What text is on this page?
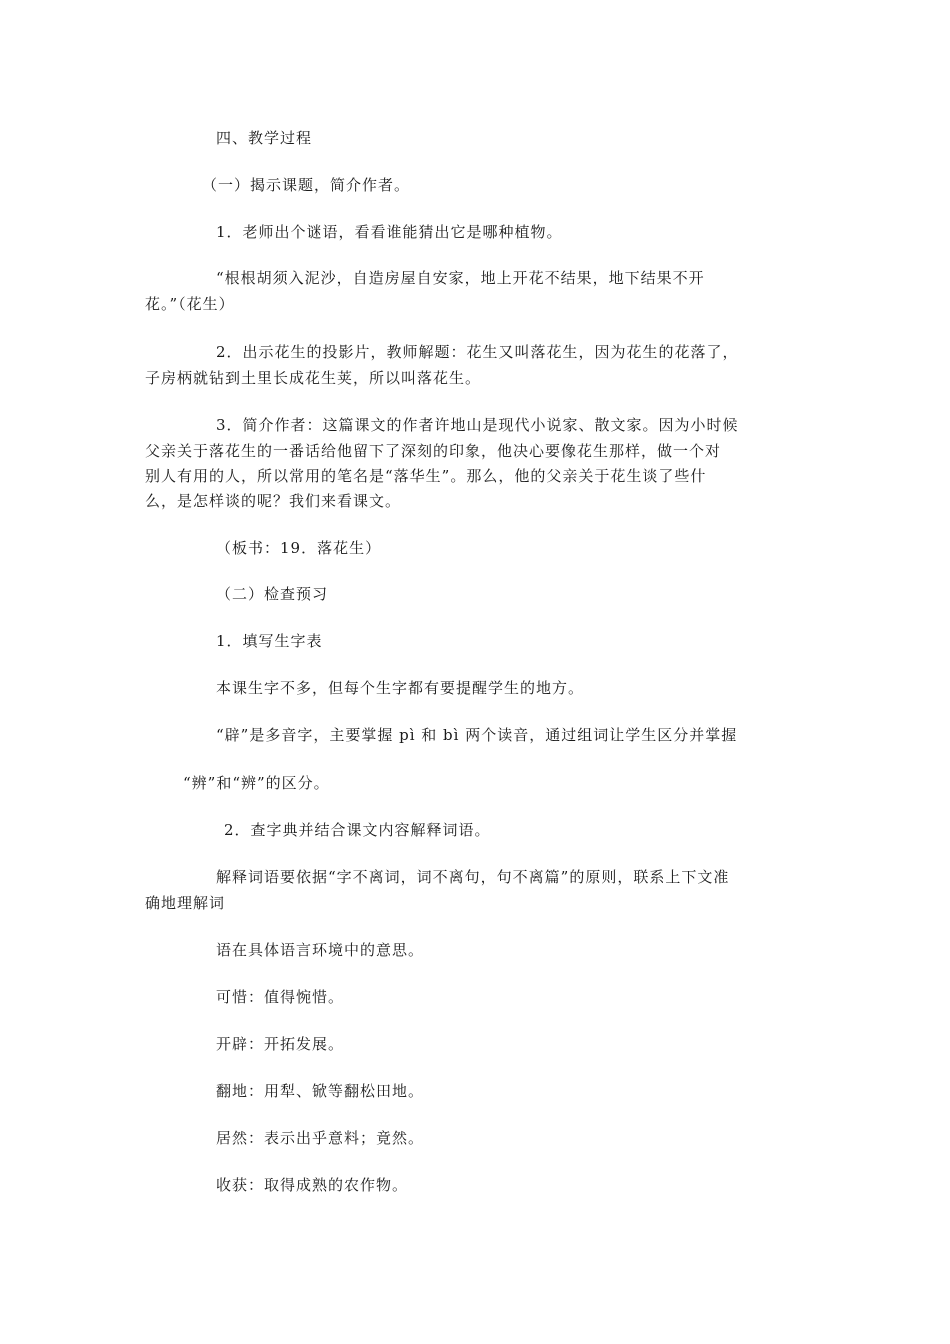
四、教学过程
（一）揭示课题，简介作者。
1．老师出个谜语，看看谁能猜出它是哪种植物。
“根根胡须入泥沙，自造房屋自安家，地上开花不结果，地下结果不开
花。”（花生）
2．出示花生的投影片，教师解题：花生又叫落花生，因为花生的花落了，
子房柄就钻到土里长成花生荚，所以叫落花生。
3．简介作者：这篇课文的作者许地山是现代小说家、散文家。因为小时候
父亲关于落花生的一番话给他留下了深刻的印象，他决心要像花生那样，做一个对
别人有用的人，所以常用的笔名是“落华生”。那么，他的父亲关于花生谈了些什
么，是怎样谈的呢？我们来看课文。
（板书：19．落花生）
（二）检查预习
1．填写生字表
本课生字不多，但每个生字都有要提醒学生的地方。
“辟”是多音字，主要掌握 pì 和 bì 两个读音，通过组词让学生区分并掌握
“辨”和“辨”的区分。
2．查字典并结合课文内容解释词语。
解释词语要依据“字不离词，词不离句，句不离篇”的原则，联系上下文准
确地理解词
语在具体语言环境中的意思。
可惜：值得惋惜。
开辟：开拓发展。
翻地：用犁、锨等翻松田地。
居然：表示出乎意料；竟然。
收获：取得成熟的农作物。
